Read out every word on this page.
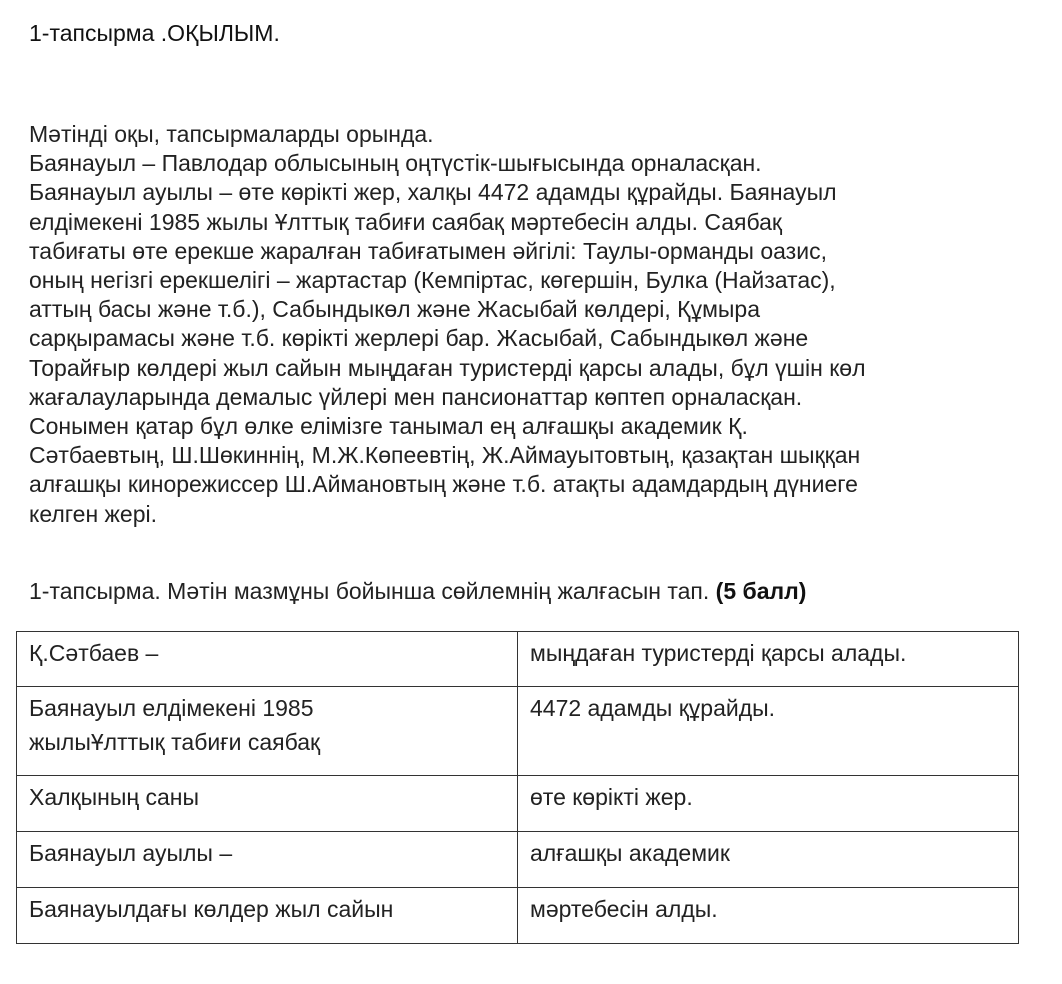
1-тапсырма .ОҚЫЛЫМ.
Мәтінді оқы, тапсырмаларды орында.
Баянауыл – Павлодар облысының оңтүстік-шығысында орналасқан.
Баянауыл ауылы – өте көрікті жер, халқы 4472 адамды құрайды. Баянауыл
елдімекені 1985 жылы Ұлттық табиғи саябақ мәртебесін алды. Саябақ
табиғаты өте ерекше жаралған табиғатымен әйгілі: Таулы-орманды оазис,
оның негізгі ерекшелігі – жартастар (Кемпіртас, көгершін, Булка (Найзатас),
аттың басы және т.б.), Сабындыкөл және Жасыбай көлдері, Құмыра
сарқырамасы және т.б. көрікті жерлері бар. Жасыбай, Сабындыкөл және
Торайғыр көлдері жыл сайын мыңдаған туристерді қарсы алады, бұл үшін көл
жағалауларында демалыс үйлері мен пансионаттар көптеп орналасқан.
Сонымен қатар бұл өлке елімізге танымал ең алғашқы академик Қ.
Сәтбаевтың, Ш.Шөкиннің, М.Ж.Көпеевтің, Ж.Аймауытовтың, қазақтан шыққан
алғашқы кинорежиссер Ш.Аймановтың және т.б. атақты адамдардың дүниеге
келген жері.
1-тапсырма. Мәтін мазмұны бойынша сөйлемнің жалғасын тап. (5 балл)
Қ.Сәтбаев –	мыңдаған туристерді қарсы алады.

Баянауыл елдімекені 1985
жылыҰлттық табиғи саябақ	4472 адамды құрайды.

Халқының саны	өте көрікті жер.

Баянауыл ауылы –	алғашқы академик

Баянауылдағы көлдер жыл сайын	мәртебесін алды.
